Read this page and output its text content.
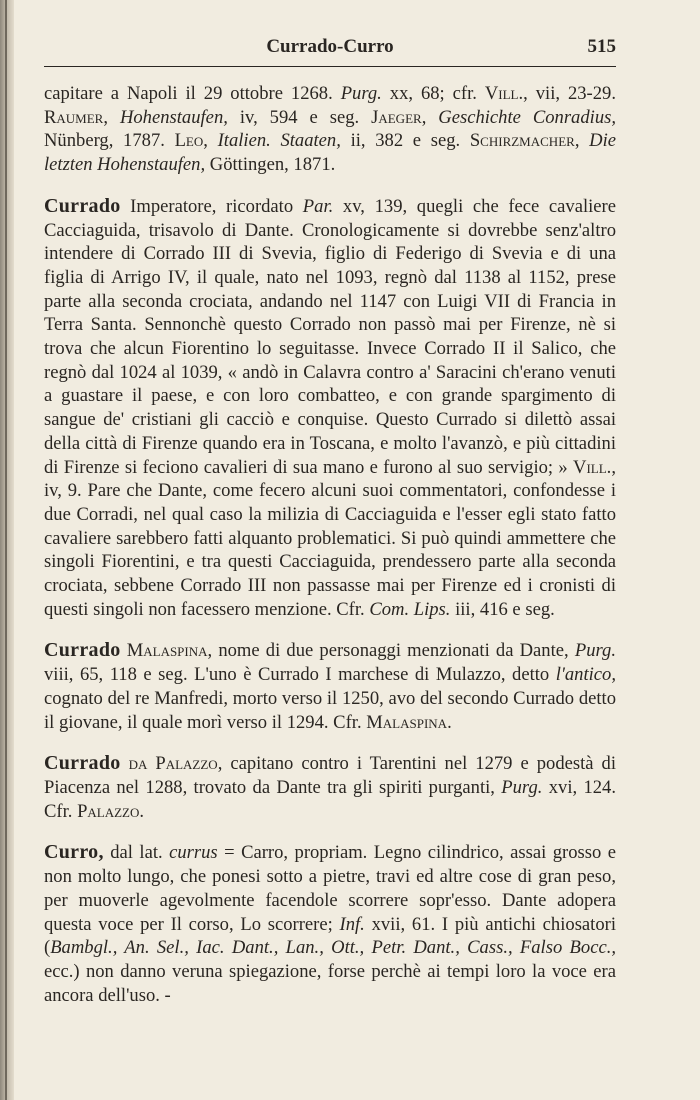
Currado-Curro	515

capitare a Napoli il 29 ottobre 1268. Purg. xx, 68; cfr. Vill., vii, 23-29. Raumer, Hohenstaufen, iv, 594 e seg. Jaeger, Geschichte Conradius, Nünberg, 1787. Leo, Italien. Staaten, ii, 382 e seg. Schirzmacher, Die letzten Hohenstaufen, Göttingen, 1871.

Currado Imperatore, ricordato Par. xv, 139, quegli che fece cavaliere Cacciaguida, trisavolo di Dante. Cronologicamente si dovrebbe senz'altro intendere di Corrado III di Svevia, figlio di Federigo di Svevia e di una figlia di Arrigo IV, il quale, nato nel 1093, regnò dal 1138 al 1152, prese parte alla seconda crociata, andando nel 1147 con Luigi VII di Francia in Terra Santa. Sennonchè questo Corrado non passò mai per Firenze, nè si trova che alcun Fiorentino lo seguitasse. Invece Corrado II il Salico, che regnò dal 1024 al 1039, « andò in Calavra contro a' Saracini ch'erano venuti a guastare il paese, e con loro combatteo, e con grande spargimento di sangue de' cristiani gli cacciò e conquise. Questo Currado si dilettò assai della città di Firenze quando era in Toscana, e molto l'avanzò, e più cittadini di Firenze si feciono cavalieri di sua mano e furono al suo servigio; » Vill., iv, 9. Pare che Dante, come fecero alcuni suoi commentatori, confondesse i due Corradi, nel qual caso la milizia di Cacciaguida e l'esser egli stato fatto cavaliere sarebbero fatti alquanto problematici. Si può quindi ammettere che singoli Fiorentini, e tra questi Cacciaguida, prendessero parte alla seconda crociata, sebbene Corrado III non passasse mai per Firenze ed i cronisti di questi singoli non facessero menzione. Cfr. Com. Lips. iii, 416 e seg.

Currado Malaspina, nome di due personaggi menzionati da Dante, Purg. viii, 65, 118 e seg. L'uno è Currado I marchese di Mulazzo, detto l'antico, cognato del re Manfredi, morto verso il 1250, avo del secondo Currado detto il giovane, il quale morì verso il 1294. Cfr. Malaspina.

Currado da Palazzo, capitano contro i Tarentini nel 1279 e podestà di Piacenza nel 1288, trovato da Dante tra gli spiriti purganti, Purg. xvi, 124. Cfr. Palazzo.

Curro, dal lat. currus = Carro, propriam. Legno cilindrico, assai grosso e non molto lungo, che ponesi sotto a pietre, travi ed altre cose di gran peso, per muoverle agevolmente facendole scorrere sopr'esso. Dante adopera questa voce per Il corso, Lo scorrere; Inf. xvii, 61. I più antichi chiosatori (Bambgl., An. Sel., Iac. Dant., Lan., Ott., Petr. Dant., Cass., Falso Bocc., ecc.) non danno veruna spiegazione, forse perchè ai tempi loro la voce era ancora dell'uso. -
